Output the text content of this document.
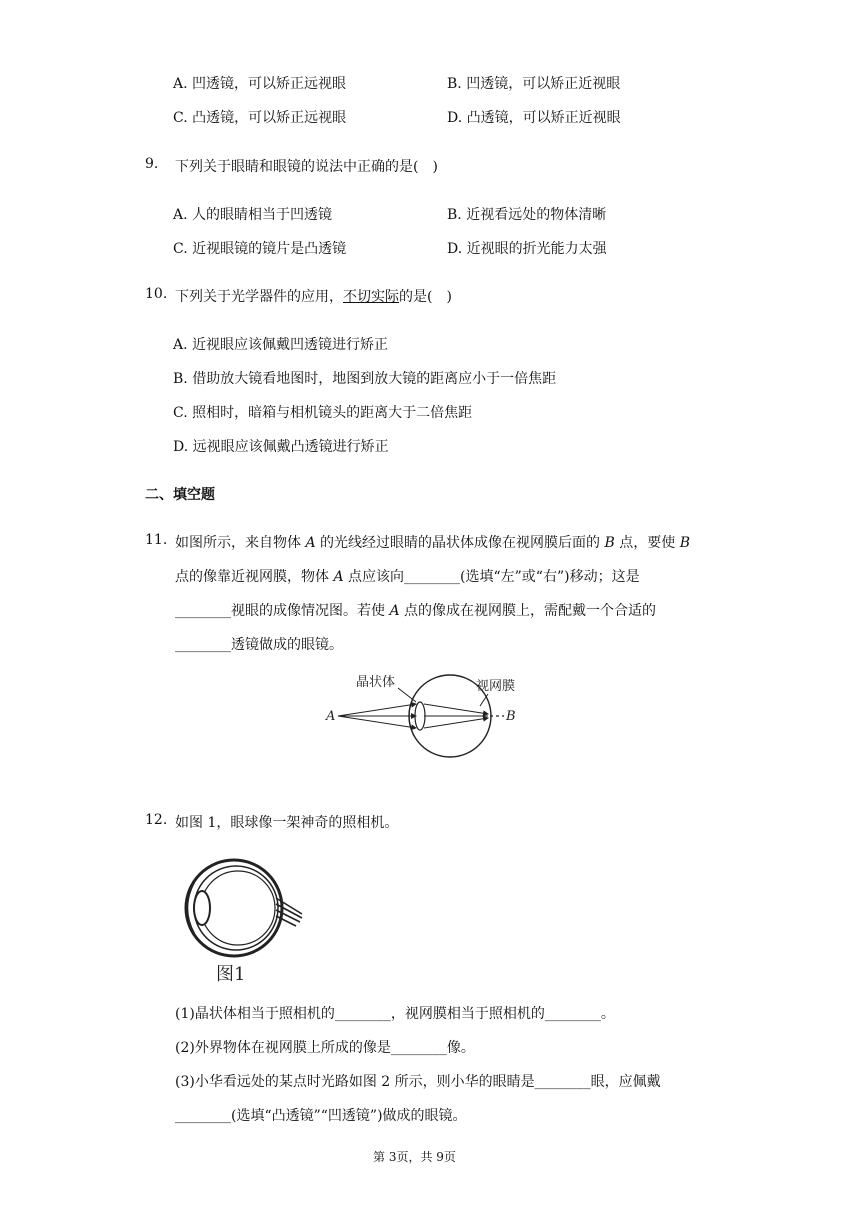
A. 凹透镜，可以矫正远视眼	B. 凹透镜，可以矫正近视眼
C. 凸透镜，可以矫正远视眼	D. 凸透镜，可以矫正近视眼
9. 下列关于眼睛和眼镜的说法中正确的是( )
A. 人的眼睛相当于凹透镜	B. 近视看远处的物体清晰
C. 近视眼镜的镜片是凸透镜	D. 近视眼的折光能力太强
10. 下列关于光学器件的应用，不切实际的是( )
A. 近视眼应该佩戴凹透镜进行矫正
B. 借助放大镜看地图时，地图到放大镜的距离应小于一倍焦距
C. 照相时，暗箱与相机镜头的距离大于二倍焦距
D. 远视眼应该佩戴凸透镜进行矫正
二、填空题
11. 如图所示，来自物体 A 的光线经过眼睛的晶状体成像在视网膜后面的 B 点，要使 B
点的像靠近视网膜，物体 A 点应该向________(选填“左”或“右”)移动；这是
________视眼的成像情况图。若使 A 点的像成在视网膜上，需配戴一个合适的
________透镜做成的眼镜。
晶状体	视网膜
A	B
12. 如图 1，眼球像一架神奇的照相机。
图1
(1)晶状体相当于照相机的________，视网膜相当于照相机的________。
(2)外界物体在视网膜上所成的像是________像。
(3)小华看远处的某点时光路如图 2 所示，则小华的眼睛是________眼，应佩戴
________(选填“凸透镜”“凹透镜”)做成的眼镜。
第 3页，共 9页
